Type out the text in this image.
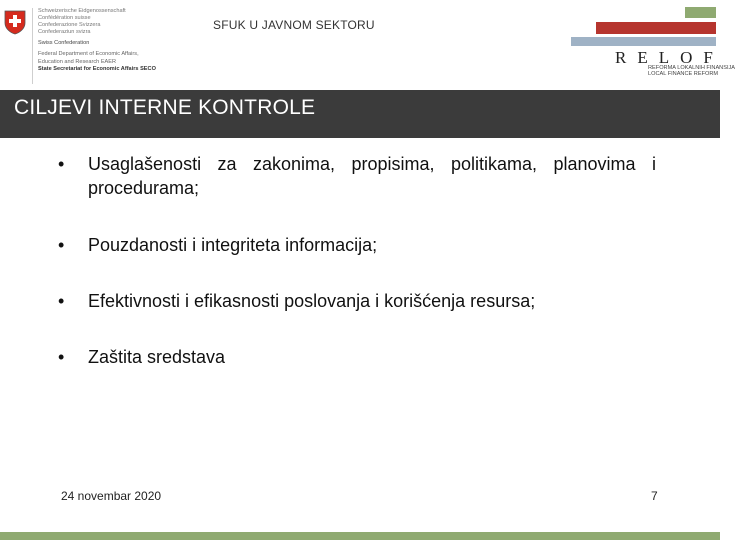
Schweizerische Eidgenossenschaft
Confédération suisse
Confederazione Svizzera
Confederaziun svizra
Swiss Confederation
Federal Department of Economic Affairs,
Education and Research EAER
State Secretariat for Economic Affairs SECO
SFUK U JAVNOM SEKTORU
RELOF
REFORMA LOKALNIH FINANSIJA
LOCAL FINANCE REFORM
CILJEVI INTERNE KONTROLE
• Usaglašenosti za zakonima, propisima, politikama, planovima i procedurama;
• Pouzdanosti i integriteta informacija;
• Efektivnosti i efikasnosti poslovanja i korišćenja resursa;
• Zaštita sredstava
24 novembar 2020	7
